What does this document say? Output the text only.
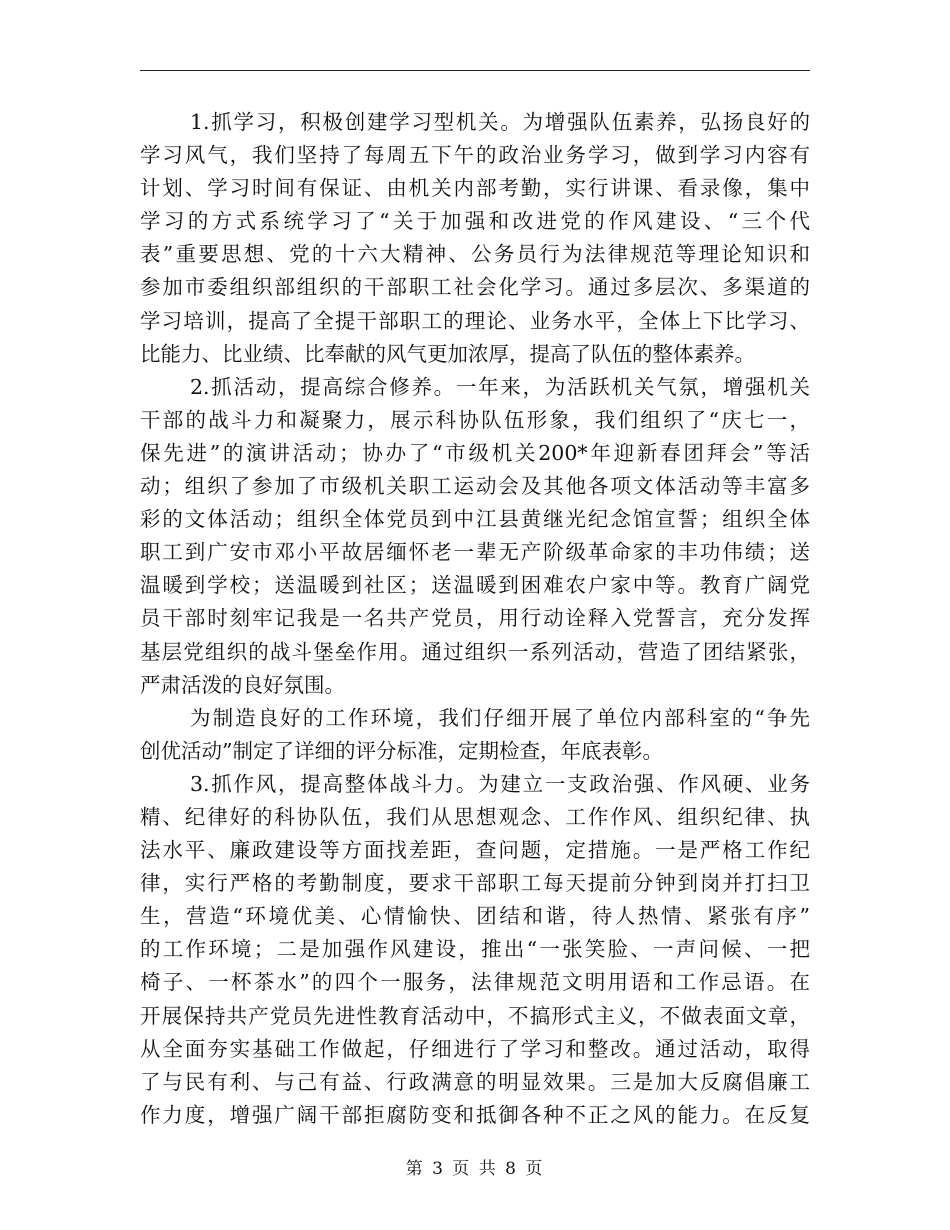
1.抓学习，积极创建学习型机关。为增强队伍素养，弘扬良好的
学习风气，我们坚持了每周五下午的政治业务学习，做到学习内容有
计划、学习时间有保证、由机关内部考勤，实行讲课、看录像，集中
学习的方式系统学习了“关于加强和改进党的作风建设、“三个代
表”重要思想、党的十六大精神、公务员行为法律规范等理论知识和
参加市委组织部组织的干部职工社会化学习。通过多层次、多渠道的
学习培训，提高了全提干部职工的理论、业务水平，全体上下比学习、
比能力、比业绩、比奉献的风气更加浓厚，提高了队伍的整体素养。
2.抓活动，提高综合修养。一年来，为活跃机关气氛，增强机关
干部的战斗力和凝聚力，展示科协队伍形象，我们组织了“庆七一，
保先进”的演讲活动；协办了“市级机关200*年迎新春团拜会”等活
动；组织了参加了市级机关职工运动会及其他各项文体活动等丰富多
彩的文体活动；组织全体党员到中江县黄继光纪念馆宣誓；组织全体
职工到广安市邓小平故居缅怀老一辈无产阶级革命家的丰功伟绩；送
温暖到学校；送温暖到社区；送温暖到困难农户家中等。教育广阔党
员干部时刻牢记我是一名共产党员，用行动诠释入党誓言，充分发挥
基层党组织的战斗堡垒作用。通过组织一系列活动，营造了团结紧张，
严肃活泼的良好氛围。
为制造良好的工作环境，我们仔细开展了单位内部科室的“争先
创优活动”制定了详细的评分标准，定期检查，年底表彰。
3.抓作风，提高整体战斗力。为建立一支政治强、作风硬、业务
精、纪律好的科协队伍，我们从思想观念、工作作风、组织纪律、执
法水平、廉政建设等方面找差距，查问题，定措施。一是严格工作纪
律，实行严格的考勤制度，要求干部职工每天提前分钟到岗并打扫卫
生，营造“环境优美、心情愉快、团结和谐，待人热情、紧张有序”
的工作环境；二是加强作风建设，推出“一张笑脸、一声问候、一把
椅子、一杯茶水”的四个一服务，法律规范文明用语和工作忌语。在
开展保持共产党员先进性教育活动中，不搞形式主义，不做表面文章，
从全面夯实基础工作做起，仔细进行了学习和整改。通过活动，取得
了与民有利、与己有益、行政满意的明显效果。三是加大反腐倡廉工
作力度，增强广阔干部拒腐防变和抵御各种不正之风的能力。在反复
第 3 页 共 8 页
